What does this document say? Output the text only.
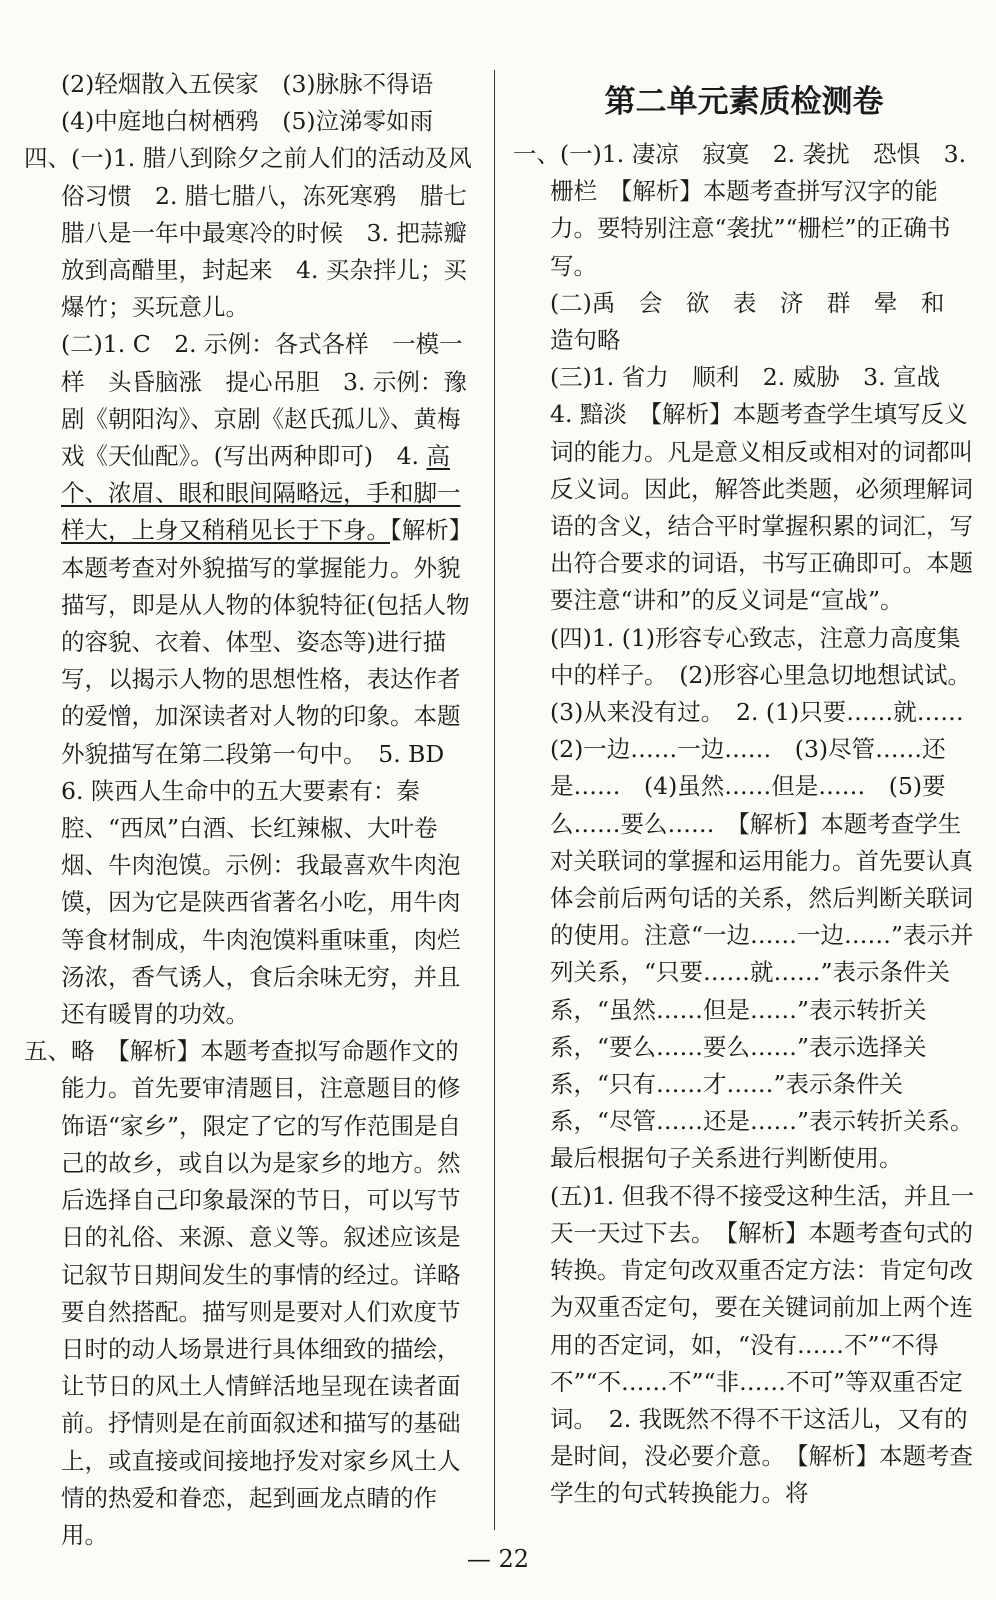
(2)轻烟散入五侯家　(3)脉脉不得语

(4)中庭地白树栖鸦　(5)泣涕零如雨

四、(一)1. 腊八到除夕之前人们的活动及风俗习惯　2. 腊七腊八，冻死寒鸦　腊七腊八是一年中最寒冷的时候　3. 把蒜瓣放到高醋里，封起来　4. 买杂拌儿；买爆竹；买玩意儿。

(二)1. C　2. 示例：各式各样　一模一样　头昏脑涨　提心吊胆　3. 示例：豫剧《朝阳沟》、京剧《赵氏孤儿》、黄梅戏《天仙配》。(写出两种即可)　4. 高个、浓眉、眼和眼间隔略远，手和脚一样大，上身又稍稍见长于下身。【解析】本题考查对外貌描写的掌握能力。外貌描写，即是从人物的体貌特征(包括人物的容貌、衣着、体型、姿态等)进行描写，以揭示人物的思想性格，表达作者的爱憎，加深读者对人物的印象。本题外貌描写在第二段第一句中。　5. BD　6. 陕西人生命中的五大要素有：秦腔、“西凤”白酒、长红辣椒、大叶卷烟、牛肉泡馍。示例：我最喜欢牛肉泡馍，因为它是陕西省著名小吃，用牛肉等食材制成，牛肉泡馍料重味重，肉烂汤浓，香气诱人，食后余味无穷，并且还有暖胃的功效。

五、略　【解析】本题考查拟写命题作文的能力。首先要审清题目，注意题目的修饰语“家乡”，限定了它的写作范围是自己的故乡，或自以为是家乡的地方。然后选择自己印象最深的节日，可以写节日的礼俗、来源、意义等。叙述应该是记叙节日期间发生的事情的经过。详略要自然搭配。描写则是要对人们欢度节日时的动人场景进行具体细致的描绘，让节日的风土人情鲜活地呈现在读者面前。抒情则是在前面叙述和描写的基础上，或直接或间接地抒发对家乡风土人情的热爱和眷恋，起到画龙点睛的作用。

第二单元素质检测卷

一、(一)1. 凄凉　寂寞　2. 袭扰　恐惧　3. 栅栏　【解析】本题考查拼写汉字的能力。要特别注意“袭扰”“栅栏”的正确书写。

(二)禹　会　欲　表　济　群　晕　和　造句略

(三)1. 省力　顺利　2. 威胁　3. 宣战　4. 黯淡　【解析】本题考查学生填写反义词的能力。凡是意义相反或相对的词都叫反义词。因此，解答此类题，必须理解词语的含义，结合平时掌握积累的词汇，写出符合要求的词语，书写正确即可。本题要注意“讲和”的反义词是“宣战”。

(四)1. (1)形容专心致志，注意力高度集中的样子。　(2)形容心里急切地想试试。　(3)从来没有过。　2. (1)只要……就……　(2)一边……一边……　(3)尽管……还是……　(4)虽然……但是……　(5)要么……要么……　【解析】本题考查学生对关联词的掌握和运用能力。首先要认真体会前后两句话的关系，然后判断关联词的使用。注意“一边……一边……”表示并列关系，“只要……就……”表示条件关系，“虽然……但是……”表示转折关系，“要么……要么……”表示选择关系，“只有……才……”表示条件关系，“尽管……还是……”表示转折关系。最后根据句子关系进行判断使用。

(五)1. 但我不得不接受这种生活，并且一天一天过下去。　【解析】本题考查句式的转换。肯定句改双重否定方法：肯定句改为双重否定句，要在关键词前加上两个连用的否定词，如，“没有……不”“不得不”“不……不”“非……不可”等双重否定词。　2. 我既然不得不干这活儿，又有的是时间，没必要介意。　【解析】本题考查学生的句式转换能力。将

— 22
